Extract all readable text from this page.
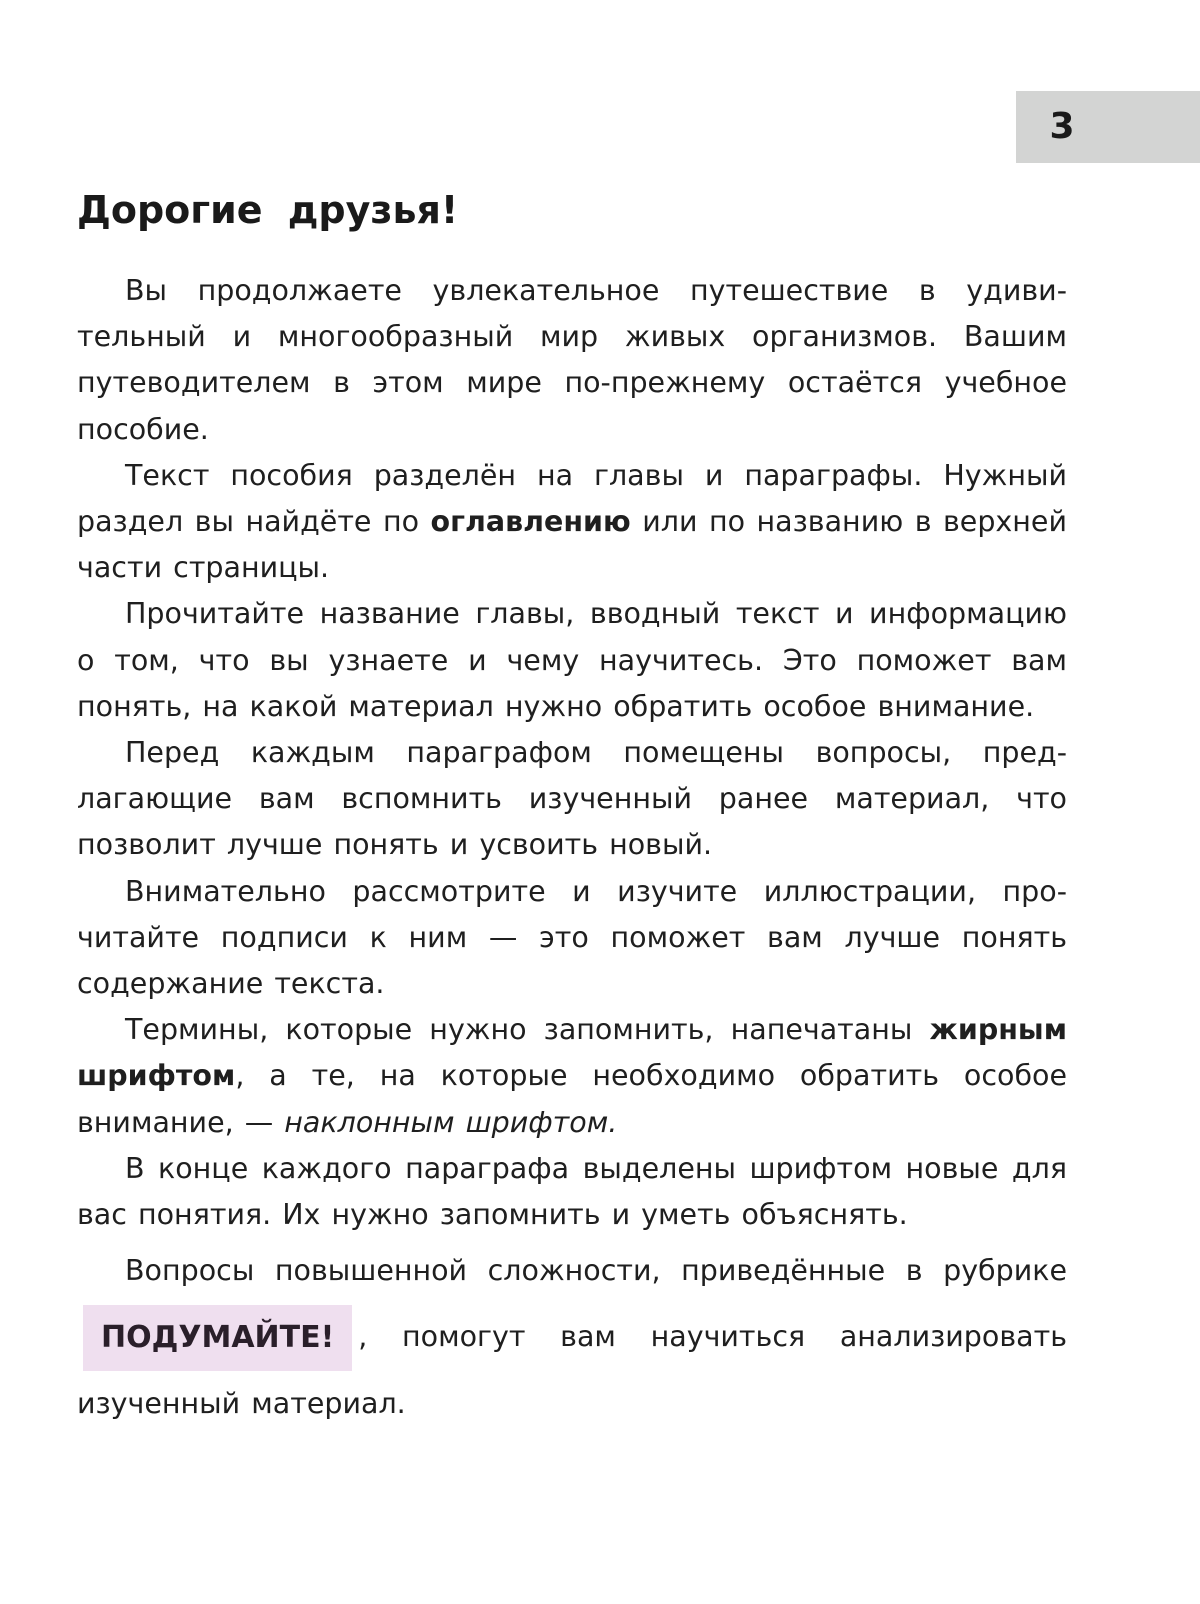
3
Дорогие друзья!

Вы продолжаете увлекательное путешествие в удивительный и многообразный мир живых организмов. Вашим путеводителем в этом мире по-прежнему остаётся учебное пособие.

Текст пособия разделён на главы и параграфы. Нужный раздел вы найдёте по оглавлению или по названию в верхней части страницы.

Прочитайте название главы, вводный текст и информацию о том, что вы узнаете и чему научитесь. Это поможет вам понять, на какой материал нужно обратить особое внимание.

Перед каждым параграфом помещены вопросы, предлагающие вам вспомнить изученный ранее материал, что позволит лучше понять и усвоить новый.

Внимательно рассмотрите и изучите иллюстрации, прочитайте подписи к ним — это поможет вам лучше понять содержание текста.

Термины, которые нужно запомнить, напечатаны жирным шрифтом, а те, на которые необходимо обратить особое внимание, — наклонным шрифтом.

В конце каждого параграфа выделены шрифтом новые для вас понятия. Их нужно запомнить и уметь объяснять.

Вопросы повышенной сложности, приведённые в рубрике ПОДУМАЙТЕ! , помогут вам научиться анализировать изученный материал.
